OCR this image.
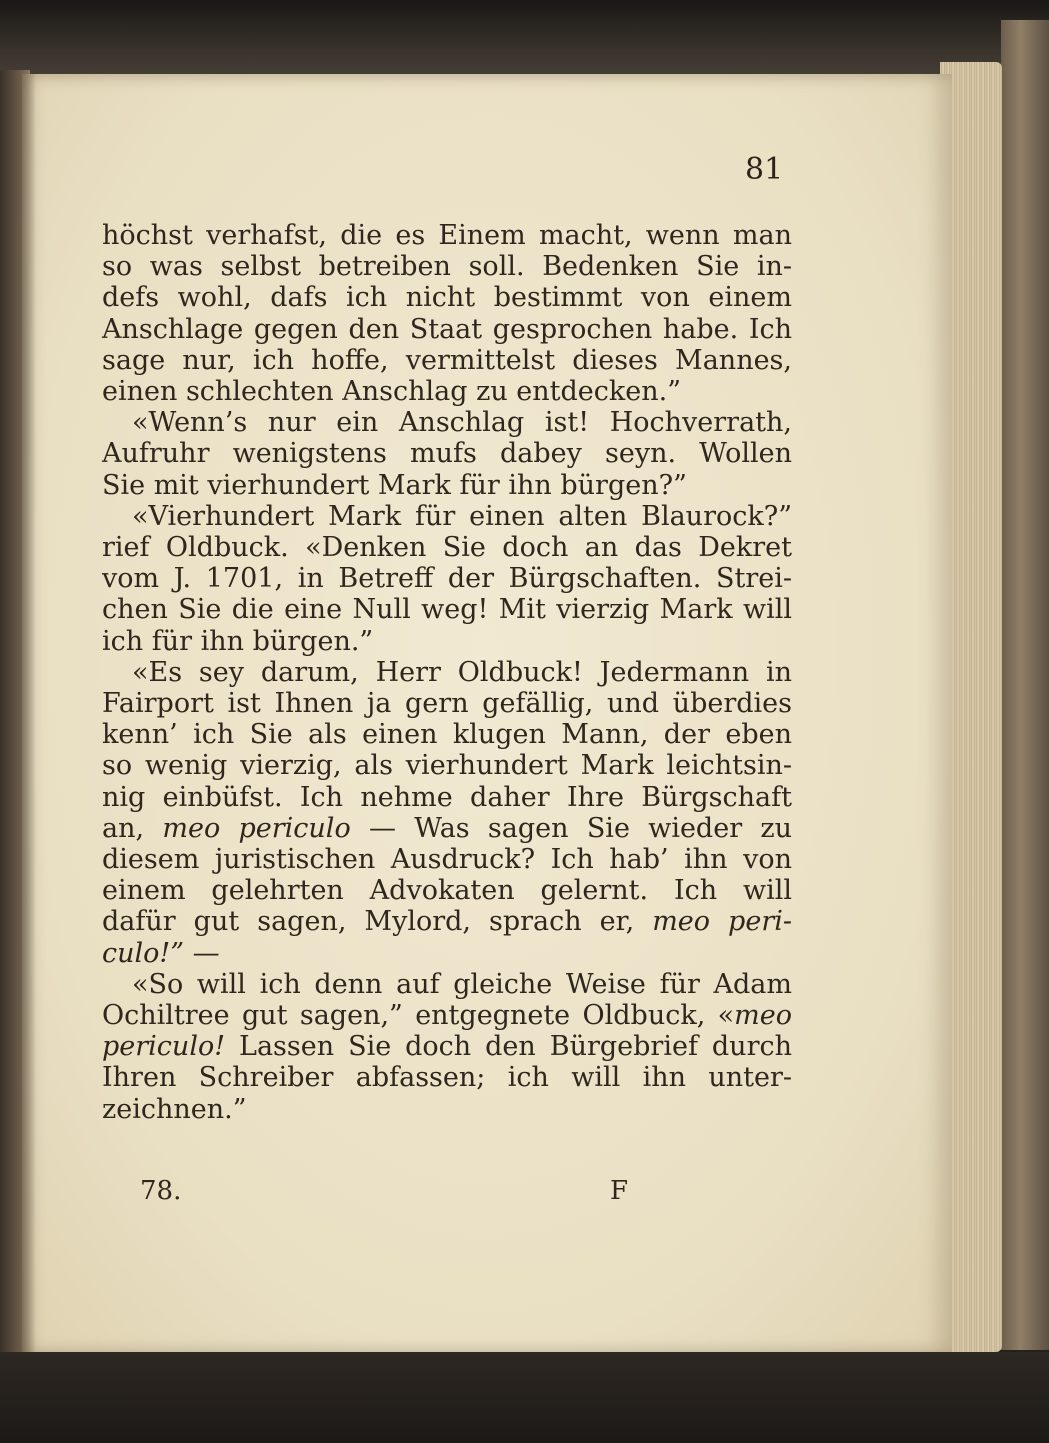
81
höchst verhafst, die es Einem macht, wenn man
so was selbst betreiben soll. Bedenken Sie in-
defs wohl, dafs ich nicht bestimmt von einem
Anschlage gegen den Staat gesprochen habe. Ich
sage nur, ich hoffe, vermittelst dieses Mannes,
einen schlechten Anschlag zu entdecken.”
«Wenn’s nur ein Anschlag ist! Hochverrath,
Aufruhr wenigstens mufs dabey seyn. Wollen
Sie mit vierhundert Mark für ihn bürgen?”
«Vierhundert Mark für einen alten Blaurock?”
rief Oldbuck. «Denken Sie doch an das Dekret
vom J. 1701, in Betreff der Bürgschaften. Strei-
chen Sie die eine Null weg! Mit vierzig Mark will
ich für ihn bürgen.”
«Es sey darum, Herr Oldbuck! Jedermann in
Fairport ist Ihnen ja gern gefällig, und überdies
kenn’ ich Sie als einen klugen Mann, der eben
so wenig vierzig, als vierhundert Mark leichtsin-
nig einbüfst. Ich nehme daher Ihre Bürgschaft
an, meo periculo — Was sagen Sie wieder zu
diesem juristischen Ausdruck? Ich hab’ ihn von
einem gelehrten Advokaten gelernt. Ich will
dafür gut sagen, Mylord, sprach er, meo peri-
culo!” —
«So will ich denn auf gleiche Weise für Adam
Ochiltree gut sagen,” entgegnete Oldbuck, «meo
periculo! Lassen Sie doch den Bürgebrief durch
Ihren Schreiber abfassen; ich will ihn unter-
zeichnen.”
78.	F
